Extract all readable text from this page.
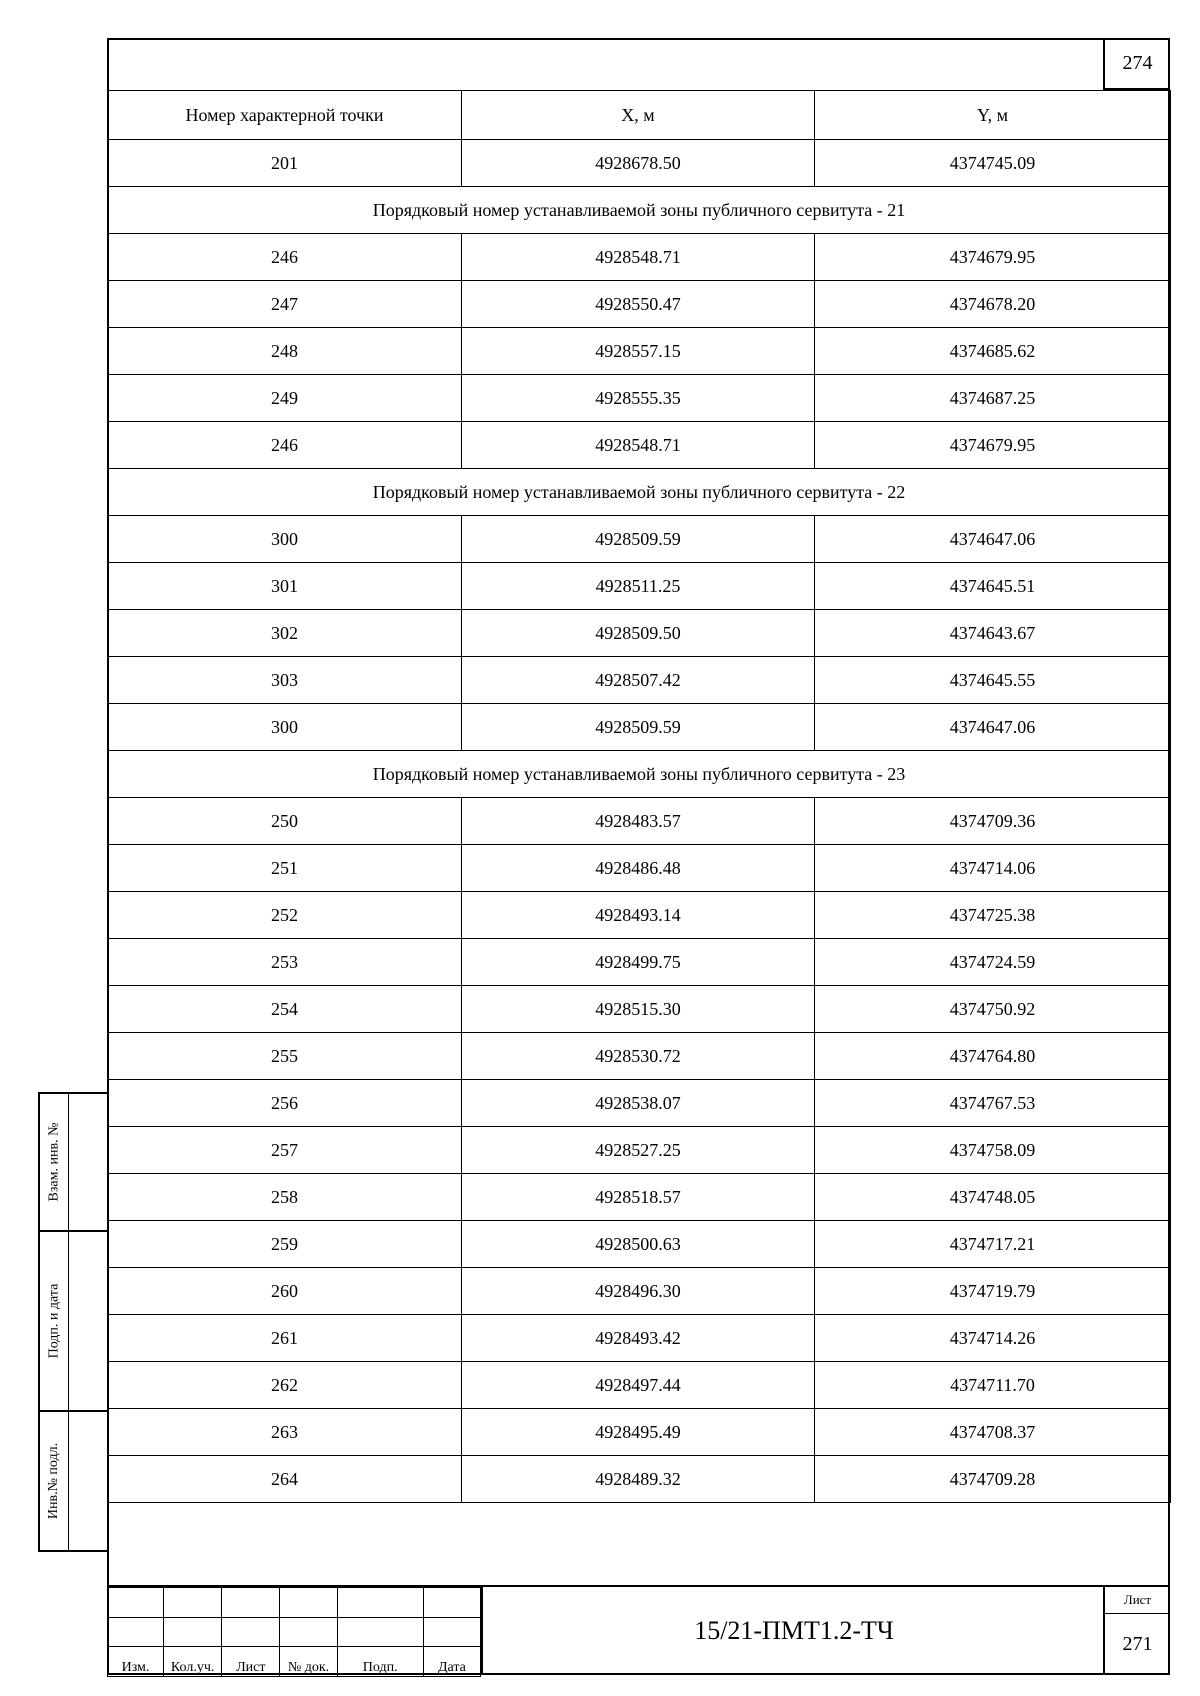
274
Номер характерной точки	X, м	Y, м
201	4928678.50	4374745.09
Порядковый номер устанавливаемой зоны публичного сервитута - 21		
246	4928548.71	4374679.95
247	4928550.47	4374678.20
248	4928557.15	4374685.62
249	4928555.35	4374687.25
246	4928548.71	4374679.95
Порядковый номер устанавливаемой зоны публичного сервитута - 22		
300	4928509.59	4374647.06
301	4928511.25	4374645.51
302	4928509.50	4374643.67
303	4928507.42	4374645.55
300	4928509.59	4374647.06
Порядковый номер устанавливаемой зоны публичного сервитута - 23		
250	4928483.57	4374709.36
251	4928486.48	4374714.06
252	4928493.14	4374725.38
253	4928499.75	4374724.59
254	4928515.30	4374750.92
255	4928530.72	4374764.80
256	4928538.07	4374767.53
257	4928527.25	4374758.09
258	4928518.57	4374748.05
259	4928500.63	4374717.21
260	4928496.30	4374719.79
261	4928493.42	4374714.26
262	4928497.44	4374711.70
263	4928495.49	4374708.37
264	4928489.32	4374709.28

Взам. инв. №
Подп. и дата
Инв.№ подл.

Изм.	Кол.уч.	Лист	№ док.	Подп.	Дата
15/21-ПМТ1.2-ТЧ
Лист
271
